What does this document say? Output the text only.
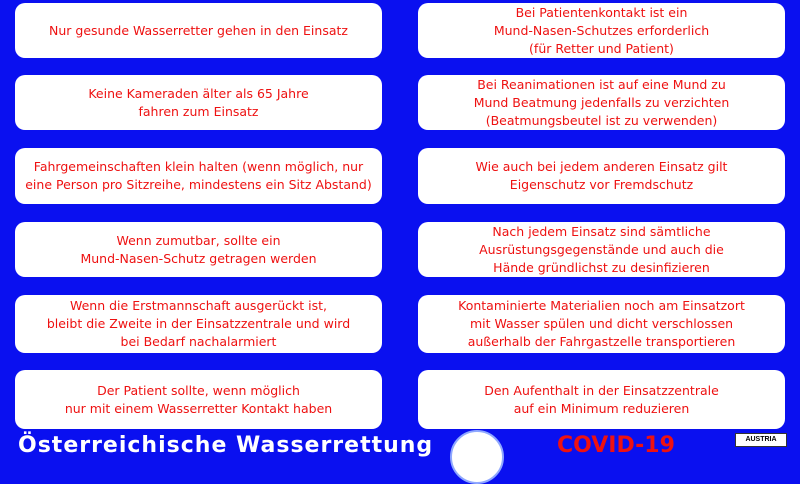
Nur gesunde Wasserretter gehen in den Einsatz
Keine Kameraden älter als 65 Jahre
fahren zum Einsatz
Fahrgemeinschaften klein halten (wenn möglich, nur
eine Person pro Sitzreihe, mindestens ein Sitz Abstand)
Wenn zumutbar, sollte ein
Mund-Nasen-Schutz getragen werden
Wenn die Erstmannschaft ausgerückt ist,
bleibt die Zweite in der Einsatzzentrale und wird
bei Bedarf nachalarmiert
Der Patient sollte, wenn möglich
nur mit einem Wasserretter Kontakt haben
Bei Patientenkontakt ist ein
Mund-Nasen-Schutzes erforderlich
(für Retter und Patient)
Bei Reanimationen ist auf eine Mund zu
Mund Beatmung jedenfalls zu verzichten
(Beatmungsbeutel ist zu verwenden)
Wie auch bei jedem anderen Einsatz gilt
Eigenschutz vor Fremdschutz
Nach jedem Einsatz sind sämtliche
Ausrüstungsgegenstände und auch die
Hände gründlichst zu desinfizieren
Kontaminierte Materialien noch am Einsatzort
mit Wasser spülen und dicht verschlossen
außerhalb der Fahrgastzelle transportieren
Den Aufenthalt in der Einsatzzentrale
auf ein Minimum reduzieren
Österreichische Wasserrettung	COVID-19	AUSTRIA
